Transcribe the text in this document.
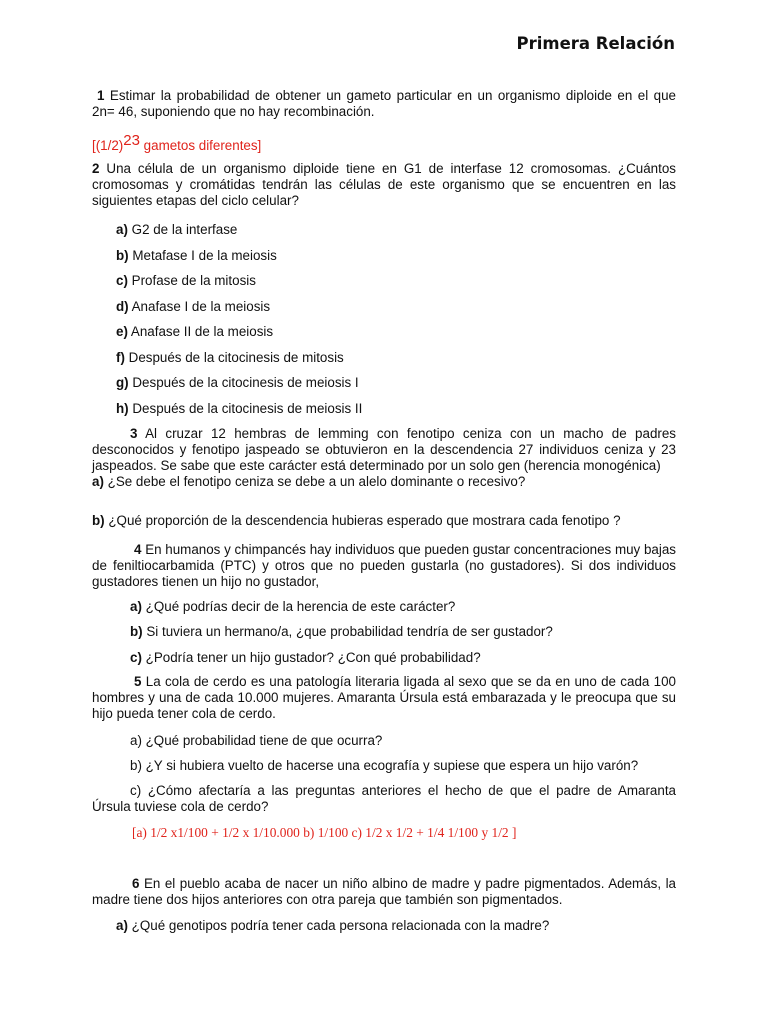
Primera Relación
1 Estimar la probabilidad de obtener un gameto particular en un organismo diploide en el que 2n= 46, suponiendo que no hay recombinación.
[$(1/2)^{23}$ gametos diferentes]
2 Una célula de un organismo diploide tiene en G1 de interfase 12 cromosomas. ¿Cuántos cromosomas y cromátidas tendrán las células de este organismo que se encuentren en las siguientes etapas del ciclo celular?
a) G2 de la interfase
b) Metafase I de la meiosis
c) Profase de la mitosis
d) Anafase I de la meiosis
e) Anafase II de la meiosis
f) Después de la citocinesis de mitosis
g) Después de la citocinesis de meiosis I
h) Después de la citocinesis de meiosis II
3 Al cruzar 12 hembras de lemming con fenotipo ceniza con un macho de padres desconocidos y fenotipo jaspeado se obtuvieron en la descendencia 27 individuos ceniza y 23 jaspeados. Se sabe que este carácter está determinado por un solo gen (herencia monogénica)
a) ¿Se debe el fenotipo ceniza se debe a un alelo dominante o recesivo?
b) ¿Qué proporción de la descendencia hubieras esperado que mostrara cada fenotipo ?
4 En humanos y chimpancés hay individuos que pueden gustar concentraciones muy bajas de feniltiocarbamida (PTC) y otros que no pueden gustarla (no gustadores). Si dos individuos gustadores tienen un hijo no gustador,
a) ¿Qué podrías decir de la herencia de este carácter?
b) Si tuviera un hermano/a, ¿que probabilidad tendría de ser gustador?
c) ¿Podría tener un hijo gustador? ¿Con qué probabilidad?
5 La cola de cerdo es una patología literaria ligada al sexo que se da en uno de cada 100 hombres y una de cada 10.000 mujeres. Amaranta Úrsula está embarazada y le preocupa que su hijo pueda tener cola de cerdo.
a) ¿Qué probabilidad tiene de que ocurra?
b) ¿Y si hubiera vuelto de hacerse una ecografía y supiese que espera un hijo varón?
c) ¿Cómo afectaría a las preguntas anteriores el hecho de que el padre de Amaranta Úrsula tuviese cola de cerdo?
[a) 1/2 x1/100 + 1/2 x 1/10.000 b) 1/100 c) 1/2 x 1/2 + 1/4 1/100 y 1/2 ]
6 En el pueblo acaba de nacer un niño albino de madre y padre pigmentados. Además, la madre tiene dos hijos anteriores con otra pareja que también son pigmentados.
a) ¿Qué genotipos podría tener cada persona relacionada con la madre?
